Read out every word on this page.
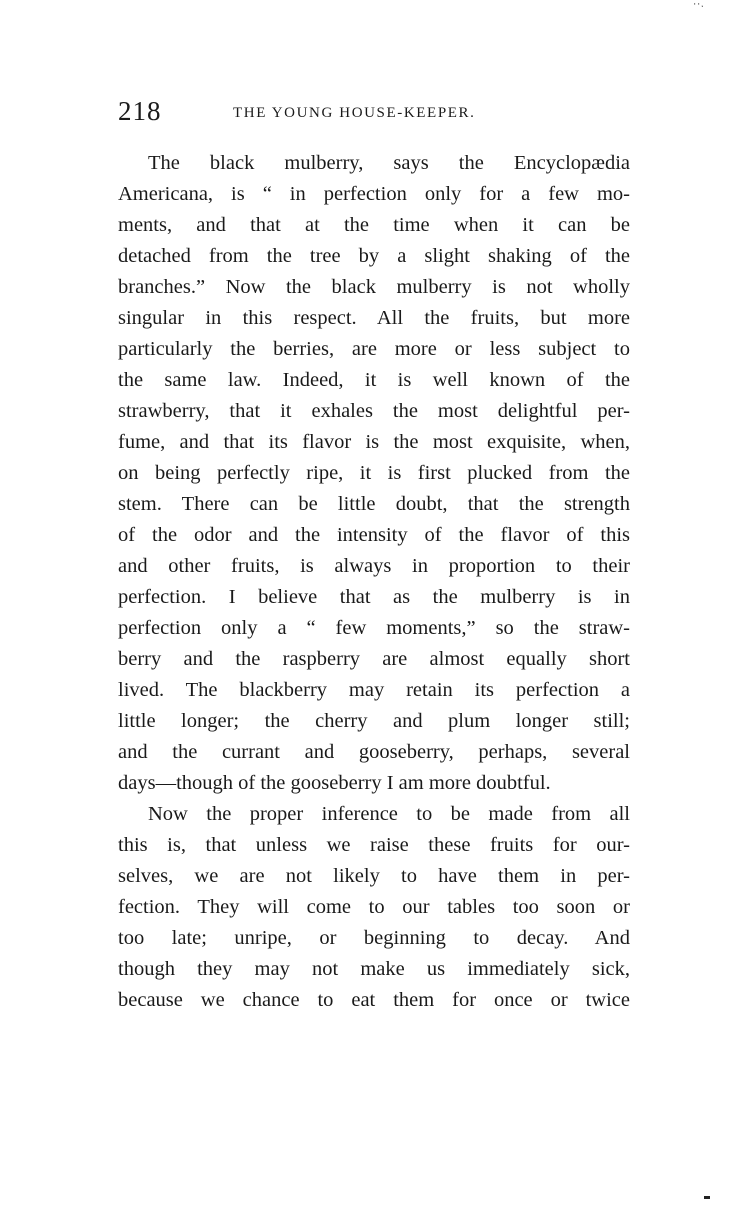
˙˙ˑ
218	THE YOUNG HOUSE-KEEPER.
The black mulberry, says the Encyclopædia
Americana, is “ in perfection only for a few mo-
ments, and that at the time when it can be
detached from the tree by a slight shaking of the
branches.” Now the black mulberry is not wholly
singular in this respect. All the fruits, but more
particularly the berries, are more or less subject to
the same law. Indeed, it is well known of the
strawberry, that it exhales the most delightful per-
fume, and that its flavor is the most exquisite, when,
on being perfectly ripe, it is first plucked from the
stem. There can be little doubt, that the strength
of the odor and the intensity of the flavor of this
and other fruits, is always in proportion to their
perfection. I believe that as the mulberry is in
perfection only a “ few moments,” so the straw-
berry and the raspberry are almost equally short
lived. The blackberry may retain its perfection a
little longer; the cherry and plum longer still;
and the currant and gooseberry, perhaps, several
days—though of the gooseberry I am more doubtful.
Now the proper inference to be made from all
this is, that unless we raise these fruits for our-
selves, we are not likely to have them in per-
fection. They will come to our tables too soon or
too late; unripe, or beginning to decay. And
though they may not make us immediately sick,
because we chance to eat them for once or twice
